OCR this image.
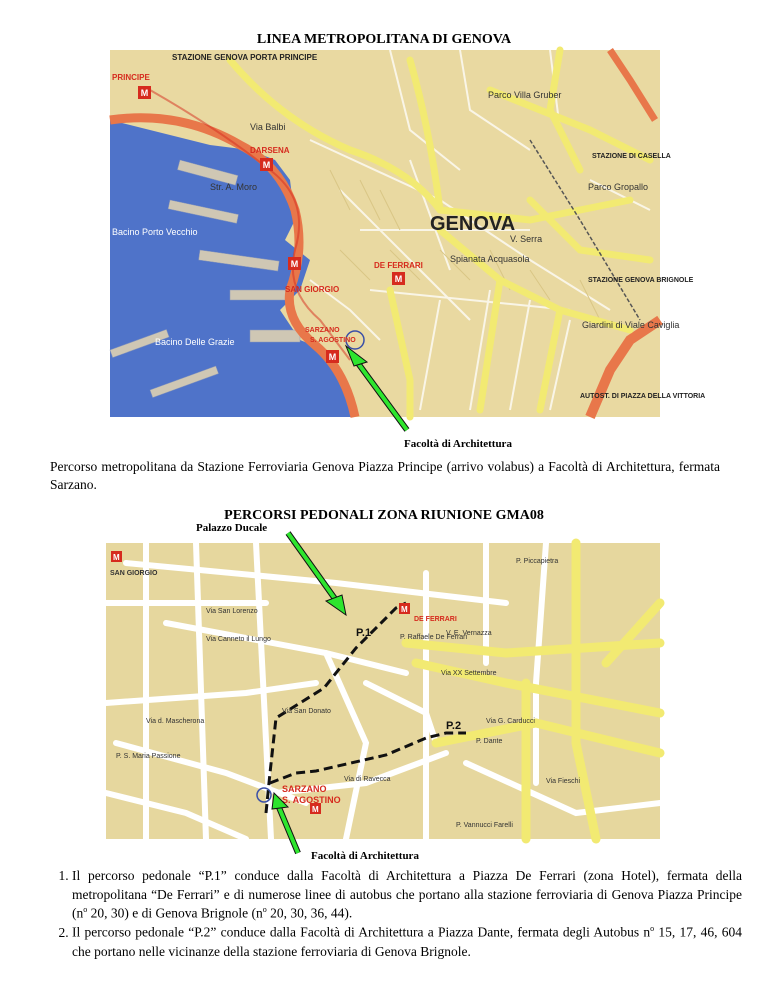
LINEA METROPOLITANA DI GENOVA
M
M
M
M
M
STAZIONE GENOVA PORTA PRINCIPE
PRINCIPE
DARSENA
SAN GIORGIO
DE FERRARI
SARZANO
S. AGOSTINO
STAZIONE DI CASELLA
STAZIONE GENOVA BRIGNOLE
AUTOST. DI PIAZZA DELLA VITTORIA
Bacino Porto Vecchio
Bacino Delle Grazie
Parco Villa Gruber
Parco Gropallo
Spianata Acquasola
Giardini di Viale Caviglia
V. Serra
Via Balbi
Str. A. Moro
GENOVA
Facoltà di Architettura
Percorso metropolitana da Stazione Ferroviaria Genova Piazza Principe (arrivo volabus) a Facoltà di Architettura, fermata Sarzano.
PERCORSI PEDONALI ZONA RIUNIONE GMA08
Palazzo Ducale
M
M
M
SAN GIORGIO
DE FERRARI
P. Raffaele De Ferrari
P. Piccapietra
Via XX Settembre
Via G. Carducci
V. E. Vernazza
Via Fieschi
Via San Donato
Via di Ravecca
Via San Lorenzo
Via Canneto il Lungo
Via d. Mascherona
P. Dante
P. Vannucci Farelli
P. S. Maria Passione
SARZANO
S. AGOSTINO
P.1
P.2
Facoltà di Architettura
1. Il percorso pedonale “P.1” conduce dalla Facoltà di Architettura a Piazza De Ferrari (zona Hotel), fermata della metropolitana “De Ferrari” e di numerose linee di autobus che portano alla stazione ferroviaria di Genova Piazza Principe ($n^o$ 20, 30) e di Genova Brignole ($n^o$ 20, 30, 36, 44).
2. Il percorso pedonale “P.2” conduce dalla Facoltà di Architettura a Piazza Dante, fermata degli Autobus $n^o$ 15, 17, 46, 604 che portano nelle vicinanze della stazione ferroviaria di Genova Brignole.
